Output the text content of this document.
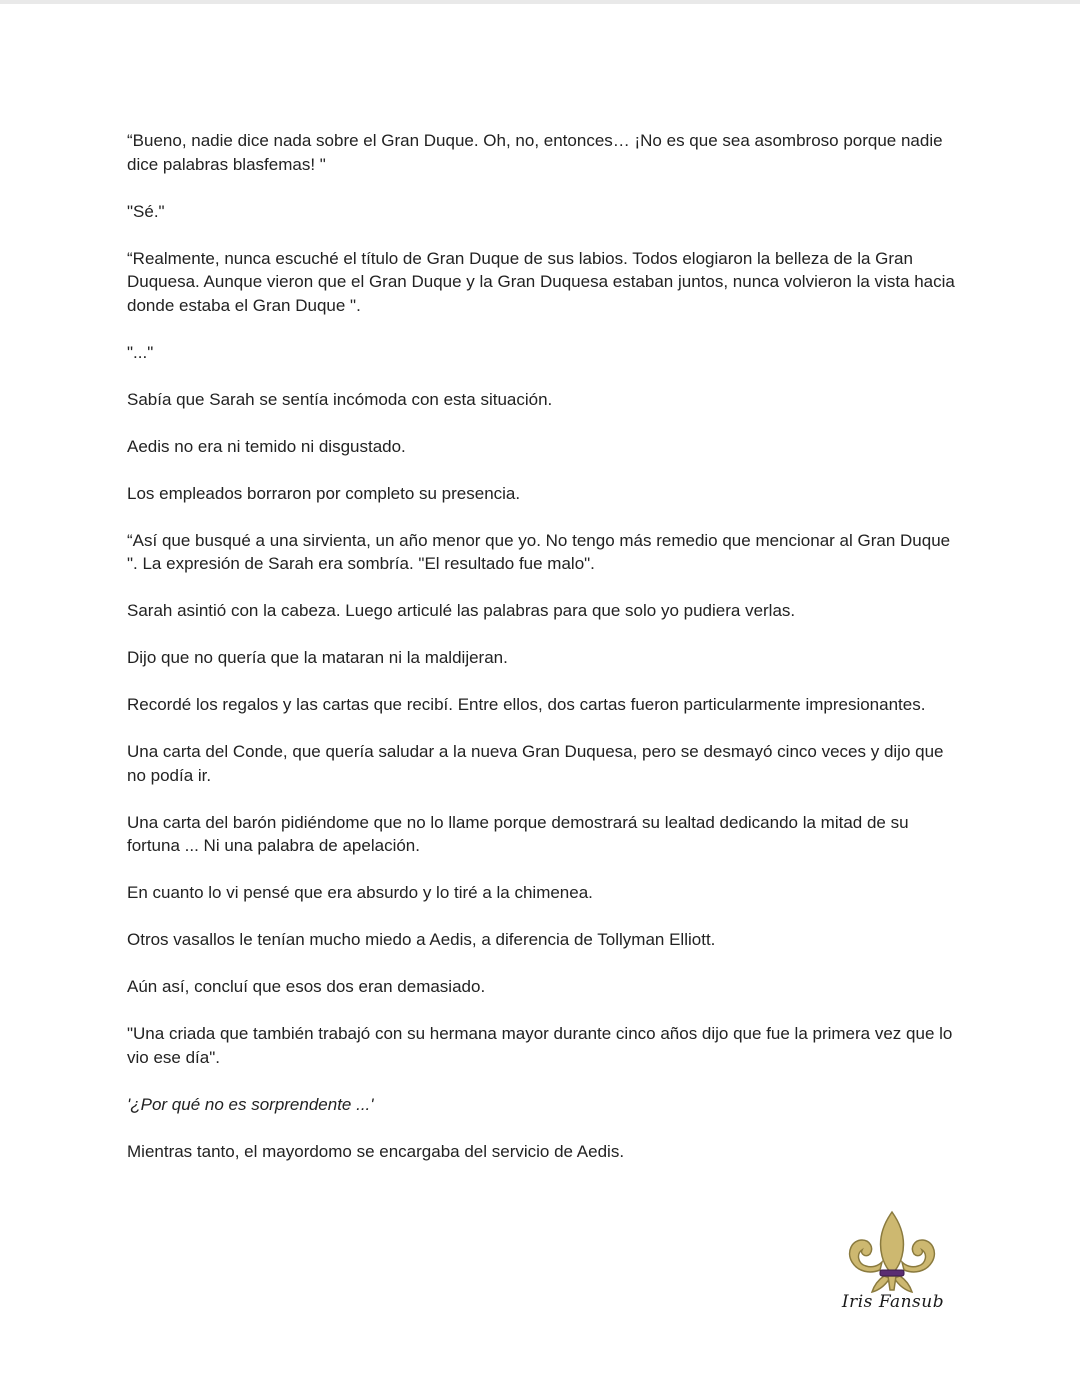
“Bueno, nadie dice nada sobre el Gran Duque. Oh, no, entonces… ¡No es que sea asombroso porque nadie dice palabras blasfemas! "

"Sé."

“Realmente, nunca escuché el título de Gran Duque de sus labios. Todos elogiaron la belleza de la Gran Duquesa. Aunque vieron que el Gran Duque y la Gran Duquesa estaban juntos, nunca volvieron la vista hacia donde estaba el Gran Duque ".

"..."

Sabía que Sarah se sentía incómoda con esta situación.

Aedis no era ni temido ni disgustado.

Los empleados borraron por completo su presencia.

“Así que busqué a una sirvienta, un año menor que yo. No tengo más remedio que mencionar al Gran Duque ". La expresión de Sarah era sombría. "El resultado fue malo".

Sarah asintió con la cabeza. Luego articulé las palabras para que solo yo pudiera verlas.

Dijo que no quería que la mataran ni la maldijeran.

Recordé los regalos y las cartas que recibí. Entre ellos, dos cartas fueron particularmente impresionantes.

Una carta del Conde, que quería saludar a la nueva Gran Duquesa, pero se desmayó cinco veces y dijo que no podía ir.

Una carta del barón pidiéndome que no lo llame porque demostrará su lealtad dedicando la mitad de su fortuna ... Ni una palabra de apelación.

En cuanto lo vi pensé que era absurdo y lo tiré a la chimenea.

Otros vasallos le tenían mucho miedo a Aedis, a diferencia de Tollyman Elliott.

Aún así, concluí que esos dos eran demasiado.

"Una criada que también trabajó con su hermana mayor durante cinco años dijo que fue la primera vez que lo vio ese día".

'¿Por qué no es sorprendente ...'

Mientras tanto, el mayordomo se encargaba del servicio de Aedis.

Iris Fansub
